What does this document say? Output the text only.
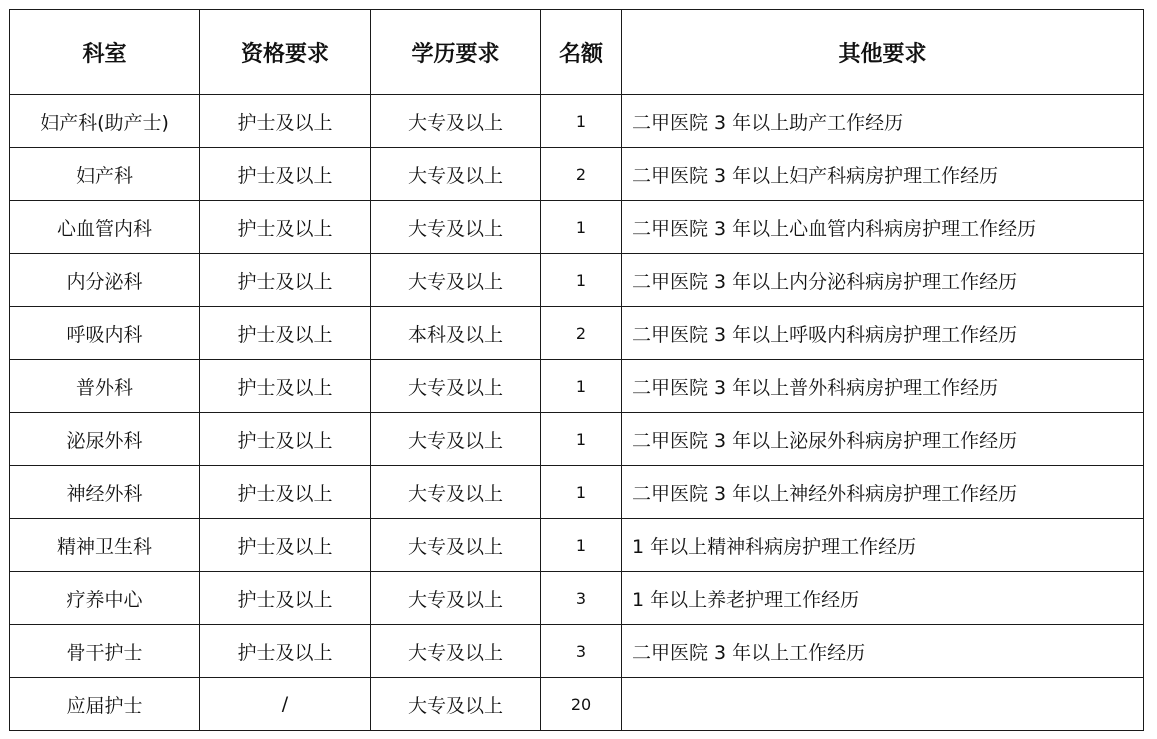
科室	资格要求	学历要求	名额	其他要求
妇产科(助产士)	护士及以上	大专及以上	1	二甲医院 3 年以上助产工作经历
妇产科	护士及以上	大专及以上	2	二甲医院 3 年以上妇产科病房护理工作经历
心血管内科	护士及以上	大专及以上	1	二甲医院 3 年以上心血管内科病房护理工作经历
内分泌科	护士及以上	大专及以上	1	二甲医院 3 年以上内分泌科病房护理工作经历
呼吸内科	护士及以上	本科及以上	2	二甲医院 3 年以上呼吸内科病房护理工作经历
普外科	护士及以上	大专及以上	1	二甲医院 3 年以上普外科病房护理工作经历
泌尿外科	护士及以上	大专及以上	1	二甲医院 3 年以上泌尿外科病房护理工作经历
神经外科	护士及以上	大专及以上	1	二甲医院 3 年以上神经外科病房护理工作经历
精神卫生科	护士及以上	大专及以上	1	1 年以上精神科病房护理工作经历
疗养中心	护士及以上	大专及以上	3	1 年以上养老护理工作经历
骨干护士	护士及以上	大专及以上	3	二甲医院 3 年以上工作经历
应届护士	/	大专及以上	20	
